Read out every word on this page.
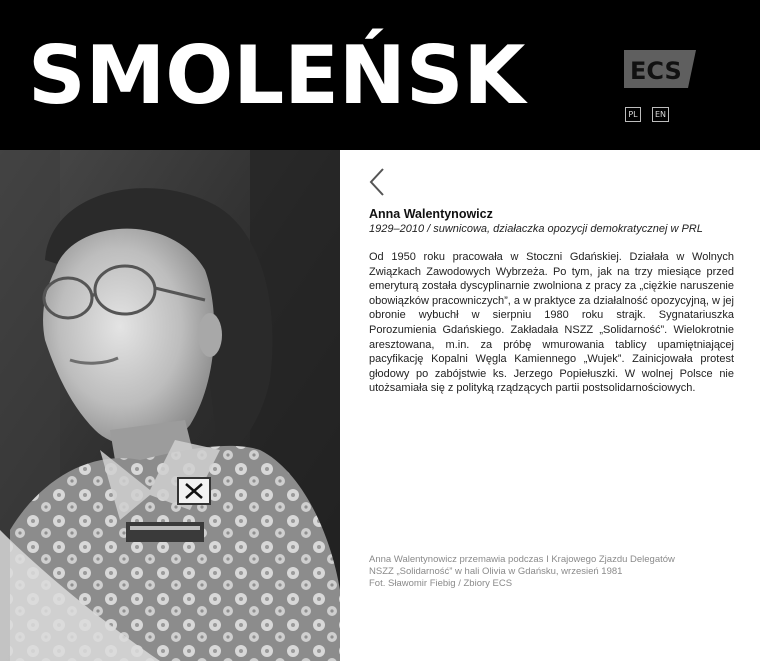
SMOLEŃSK	ECS
PL	EN
Anna Walentynowicz
1929–2010 / suwnicowa, działaczka opozycji demokratycznej w PRL
Od 1950 roku pracowała w Stoczni Gdańskiej. Działała w Wolnych Związkach Zawodowych Wybrzeża. Po tym, jak na trzy miesiące przed emeryturą została dyscyplinarnie zwolniona z pracy za „ciężkie naruszenie obowiązków pracowniczych”, a w praktyce za działalność opozycyjną, w jej obronie wybuchł w sierpniu 1980 roku strajk. Sygnatariuszka Porozumienia Gdańskiego. Zakładała NSZZ „Solidarność”. Wielokrotnie aresztowana, m.in. za próbę wmurowania tablicy upamiętniającej pacyfikację Kopalni Węgla Kamiennego „Wujek”. Zainicjowała protest głodowy po zabójstwie ks. Jerzego Popiełuszki. W wolnej Polsce nie utożsamiała się z polityką rządzących partii postsolidarnościowych.
Anna Walentynowicz przemawia podczas I Krajowego Zjazdu Delegatów
NSZZ „Solidarność” w hali Olivia w Gdańsku, wrzesień 1981
Fot. Sławomir Fiebig / Zbiory ECS
